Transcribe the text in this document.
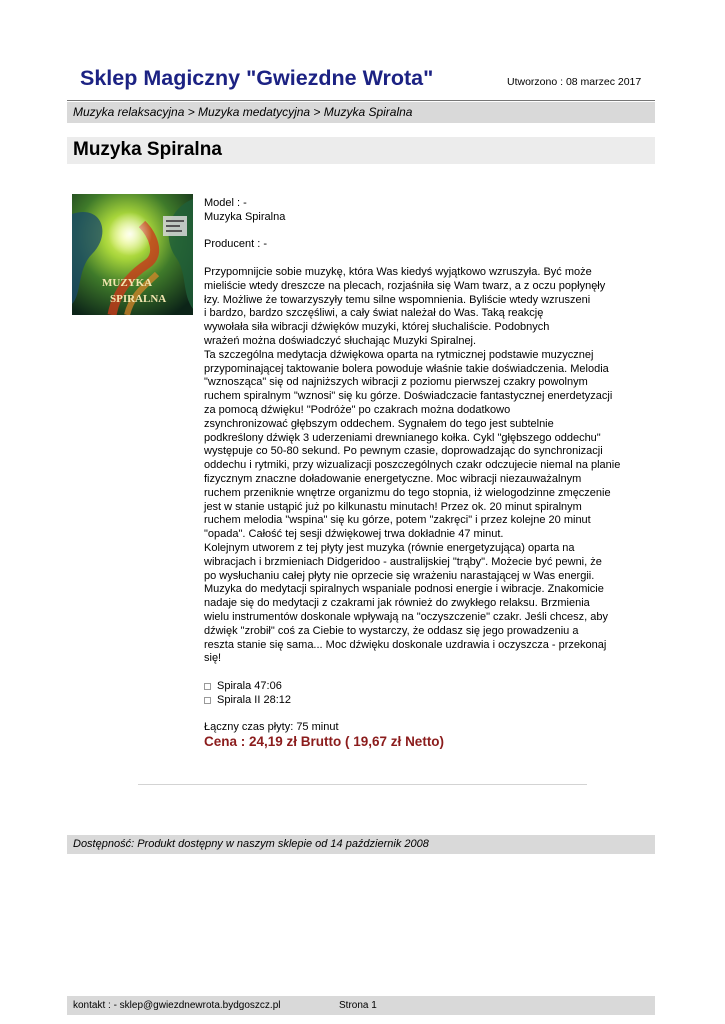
Sklep Magiczny "Gwiezdne Wrota"	Utworzono : 08 marzec 2017
Muzyka relaksacyjna > Muzyka medatycyjna > Muzyka Spiralna
Muzyka Spiralna
MUZYKA
SPIRALNA

Model : -

Muzyka Spiralna

Producent : -

Przypomnijcie sobie muzykę, która Was kiedyś wyjątkowo wzruszyła. Być może
mieliście wtedy dreszcze na plecach, rozjaśniła się Wam twarz, a z oczu popłynęły
łzy. Możliwe że towarzyszyły temu silne wspomnienia. Byliście wtedy wzruszeni
i bardzo, bardzo szczęśliwi, a cały świat należał do Was. Taką reakcję
wywołała siła wibracji dźwięków muzyki, której słuchaliście. Podobnych
wrażeń można doświadczyć słuchając Muzyki Spiralnej.
Ta szczególna medytacja dźwiękowa oparta na rytmicznej podstawie muzycznej
przypominającej taktowanie bolera powoduje właśnie takie doświadczenia. Melodia
"wznosząca" się od najniższych wibracji z poziomu pierwszej czakry powolnym
ruchem spiralnym "wznosi" się ku górze. Doświadczacie fantastycznej enerdetyzacji
za pomocą dźwięku! "Podróże" po czakrach można dodatkowo
zsynchronizować głębszym oddechem. Sygnałem do tego jest subtelnie
podkreślony dźwięk 3 uderzeniami drewnianego kołka. Cykl "głębszego oddechu"
występuje co 50-80 sekund. Po pewnym czasie, doprowadzając do synchronizacji
oddechu i rytmiki, przy wizualizacji poszczególnych czakr odczujecie niemal na planie
fizycznym znaczne doładowanie energetyczne. Moc wibracji niezauważalnym
ruchem przeniknie wnętrze organizmu do tego stopnia, iż wielogodzinne zmęczenie
jest w stanie ustąpić już po kilkunastu minutach! Przez ok. 20 minut spiralnym
ruchem melodia "wspina" się ku górze, potem "zakręci" i przez kolejne 20 minut
"opada". Całość tej sesji dźwiękowej trwa dokładnie 47 minut.
Kolejnym utworem z tej płyty jest muzyka (równie energetyzująca) oparta na
wibracjach i brzmieniach Didgeridoo - australijskiej "trąby". Możecie być pewni, że
po wysłuchaniu całej płyty nie oprzecie się wrażeniu narastającej w Was energii.
Muzyka do medytacji spiralnych wspaniale podnosi energie i wibracje. Znakomicie
nadaje się do medytacji z czakrami jak również do zwykłego relaksu. Brzmienia
wielu instrumentów doskonale wpływają na "oczyszczenie" czakr. Jeśli chcesz, aby
dźwięk "zrobił" coś za Ciebie to wystarczy, że oddasz się jego prowadzeniu a
reszta stanie się sama... Moc dźwięku doskonale uzdrawia i oczyszcza - przekonaj
się!
Spirala 47:06
Spirala II 28:12

Łączny czas płyty: 75 minut

Cena : 24,19 zł Brutto ( 19,67 zł Netto)

Dostępność: Produkt dostępny w naszym sklepie od 14 październik 2008
kontakt : - sklep@gwiezdnewrota.bydgoszcz.pl	Strona 1
